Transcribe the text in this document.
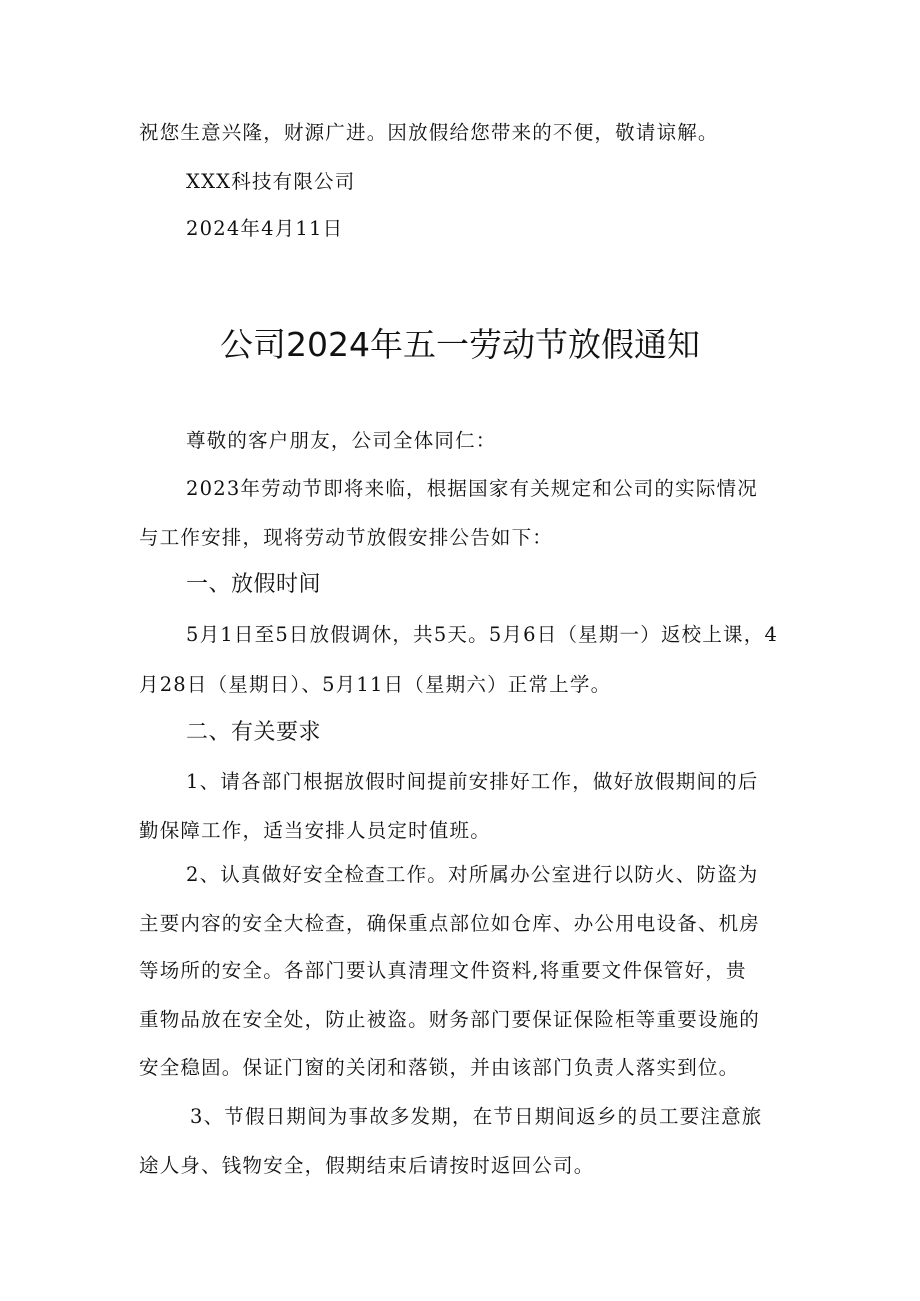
祝您生意兴隆，财源广进。因放假给您带来的不便，敬请谅解。
XXX科技有限公司
2024年4月11日
公司2024年五一劳动节放假通知
尊敬的客户朋友，公司全体同仁：
2023年劳动节即将来临，根据国家有关规定和公司的实际情况
与工作安排，现将劳动节放假安排公告如下：
一、放假时间
5月1日至5日放假调休，共5天。5月6日（星期一）返校上课，4
月28日（星期日）、5月11日（星期六）正常上学。
二、有关要求
1、请各部门根据放假时间提前安排好工作，做好放假期间的后
勤保障工作，适当安排人员定时值班。
2、认真做好安全检查工作。对所属办公室进行以防火、防盗为
主要内容的安全大检查，确保重点部位如仓库、办公用电设备、机房
等场所的安全。各部门要认真清理文件资料,将重要文件保管好，贵
重物品放在安全处，防止被盗。财务部门要保证保险柜等重要设施的
安全稳固。保证门窗的关闭和落锁，并由该部门负责人落实到位。
3、节假日期间为事故多发期，在节日期间返乡的员工要注意旅
途人身、钱物安全，假期结束后请按时返回公司。
